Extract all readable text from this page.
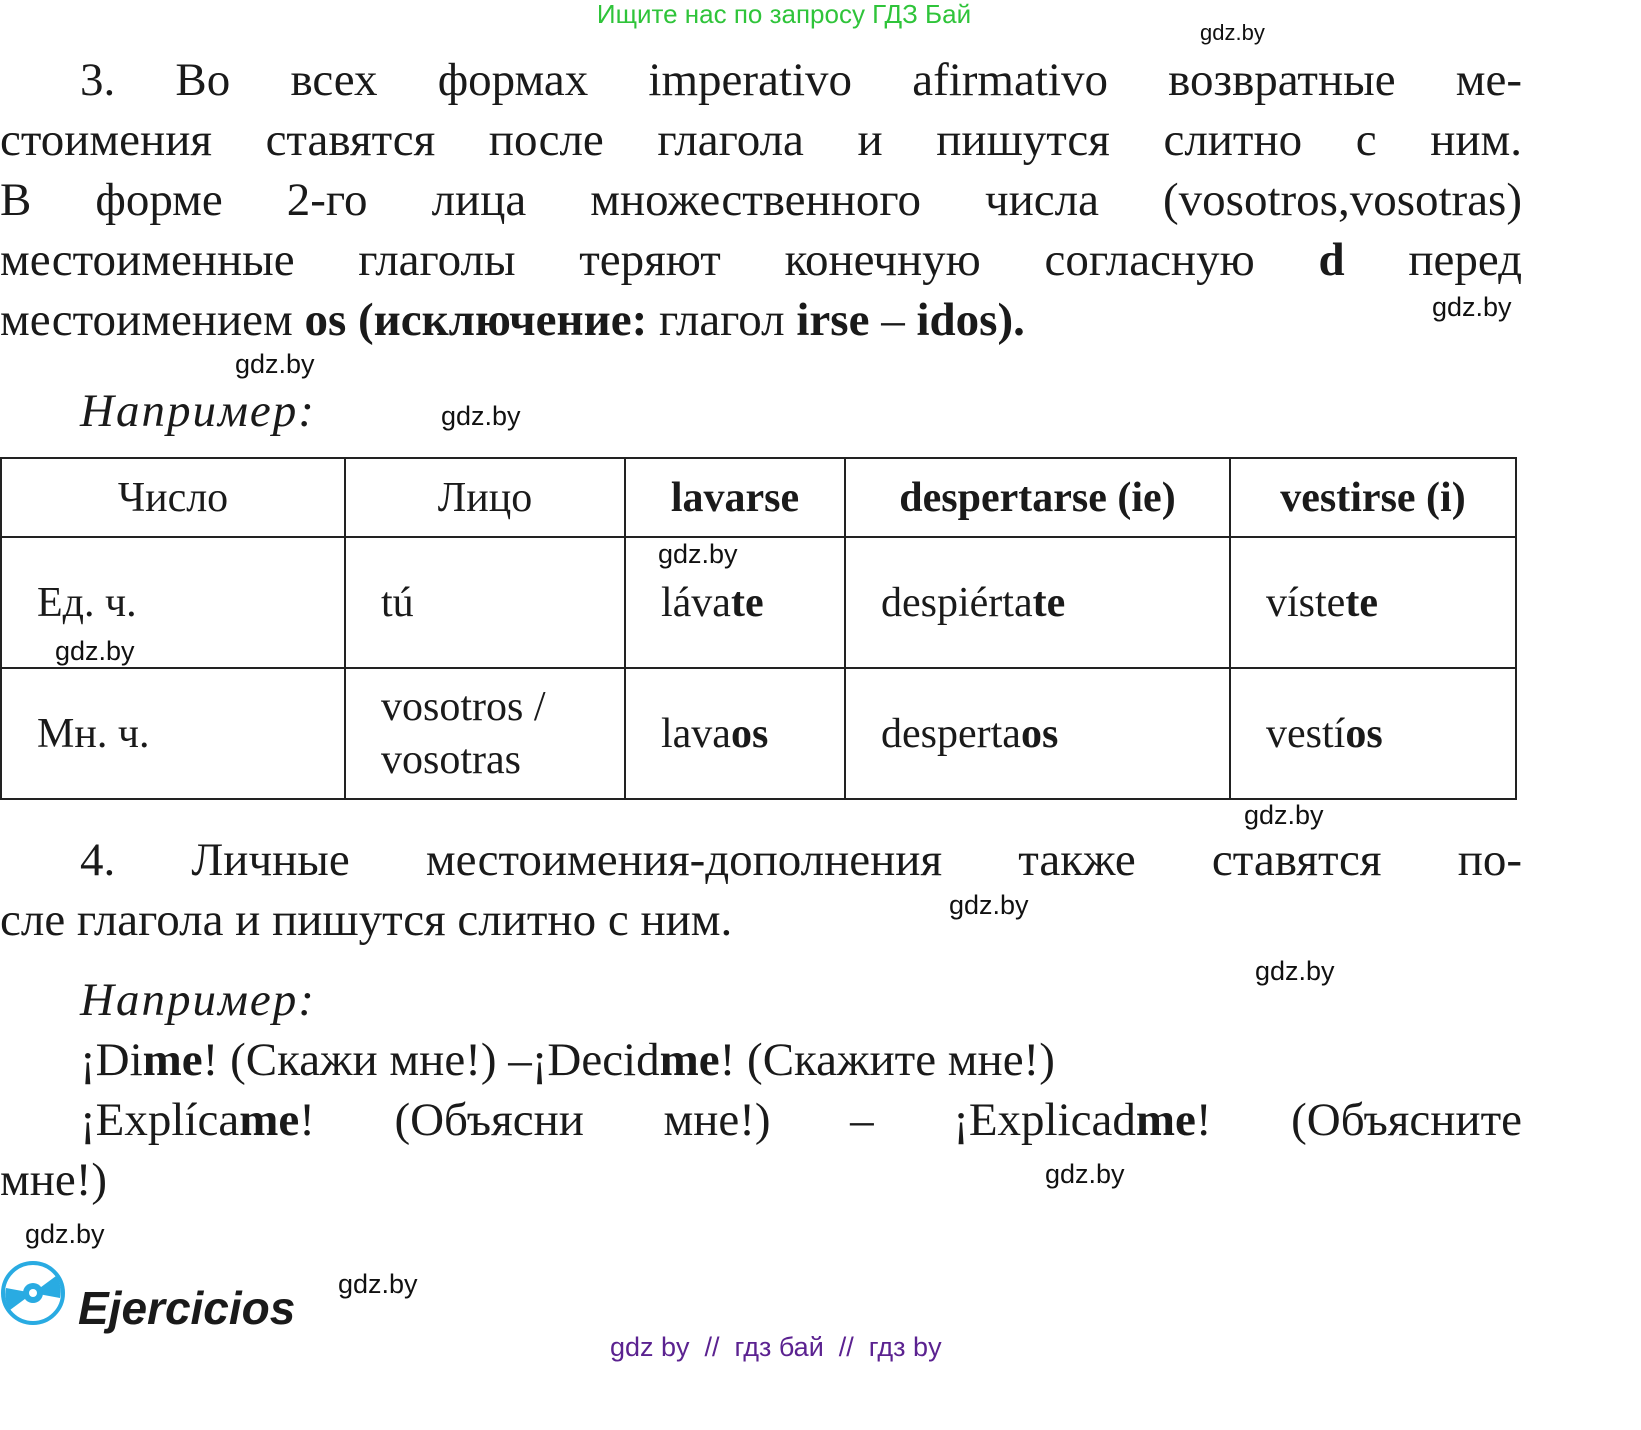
Ищите нас по запросу ГДЗ Бай
3. Во всех формах imperativo afirmativo возвратные ме-
стоимения ставятся после глагола и пишутся слитно с ним.
В форме 2-го лица множественного числа (vosotros,vosotras)
местоименные глаголы теряют конечную согласную d перед
местоимением os (исключение: глагол irse – idos).
Например:
Число	Лицо	lavarse	despertarse (ie)	vestirse (i)
Ед. ч.	tú	lávate	despiértate	vístete
Мн. ч.	vosotros /
vosotras	lavaos	despertaos	vestíos
4. Личные местоимения-дополнения также ставятся по-
сле глагола и пишутся слитно с ним.
Например:
¡Dime! (Скажи мне!) –¡Decidme! (Скажите мне!)
¡Explícame! (Объясни мне!) – ¡Explicadme! (Объясните
мне!)
Ejercicios
gdz.by
gdz.by
gdz.by
gdz.by
gdz.by
gdz.by
gdz.by
gdz.by
gdz.by
gdz.by
gdz.by
gdz.by
gdz by  //  гдз бай  //  гдз by
